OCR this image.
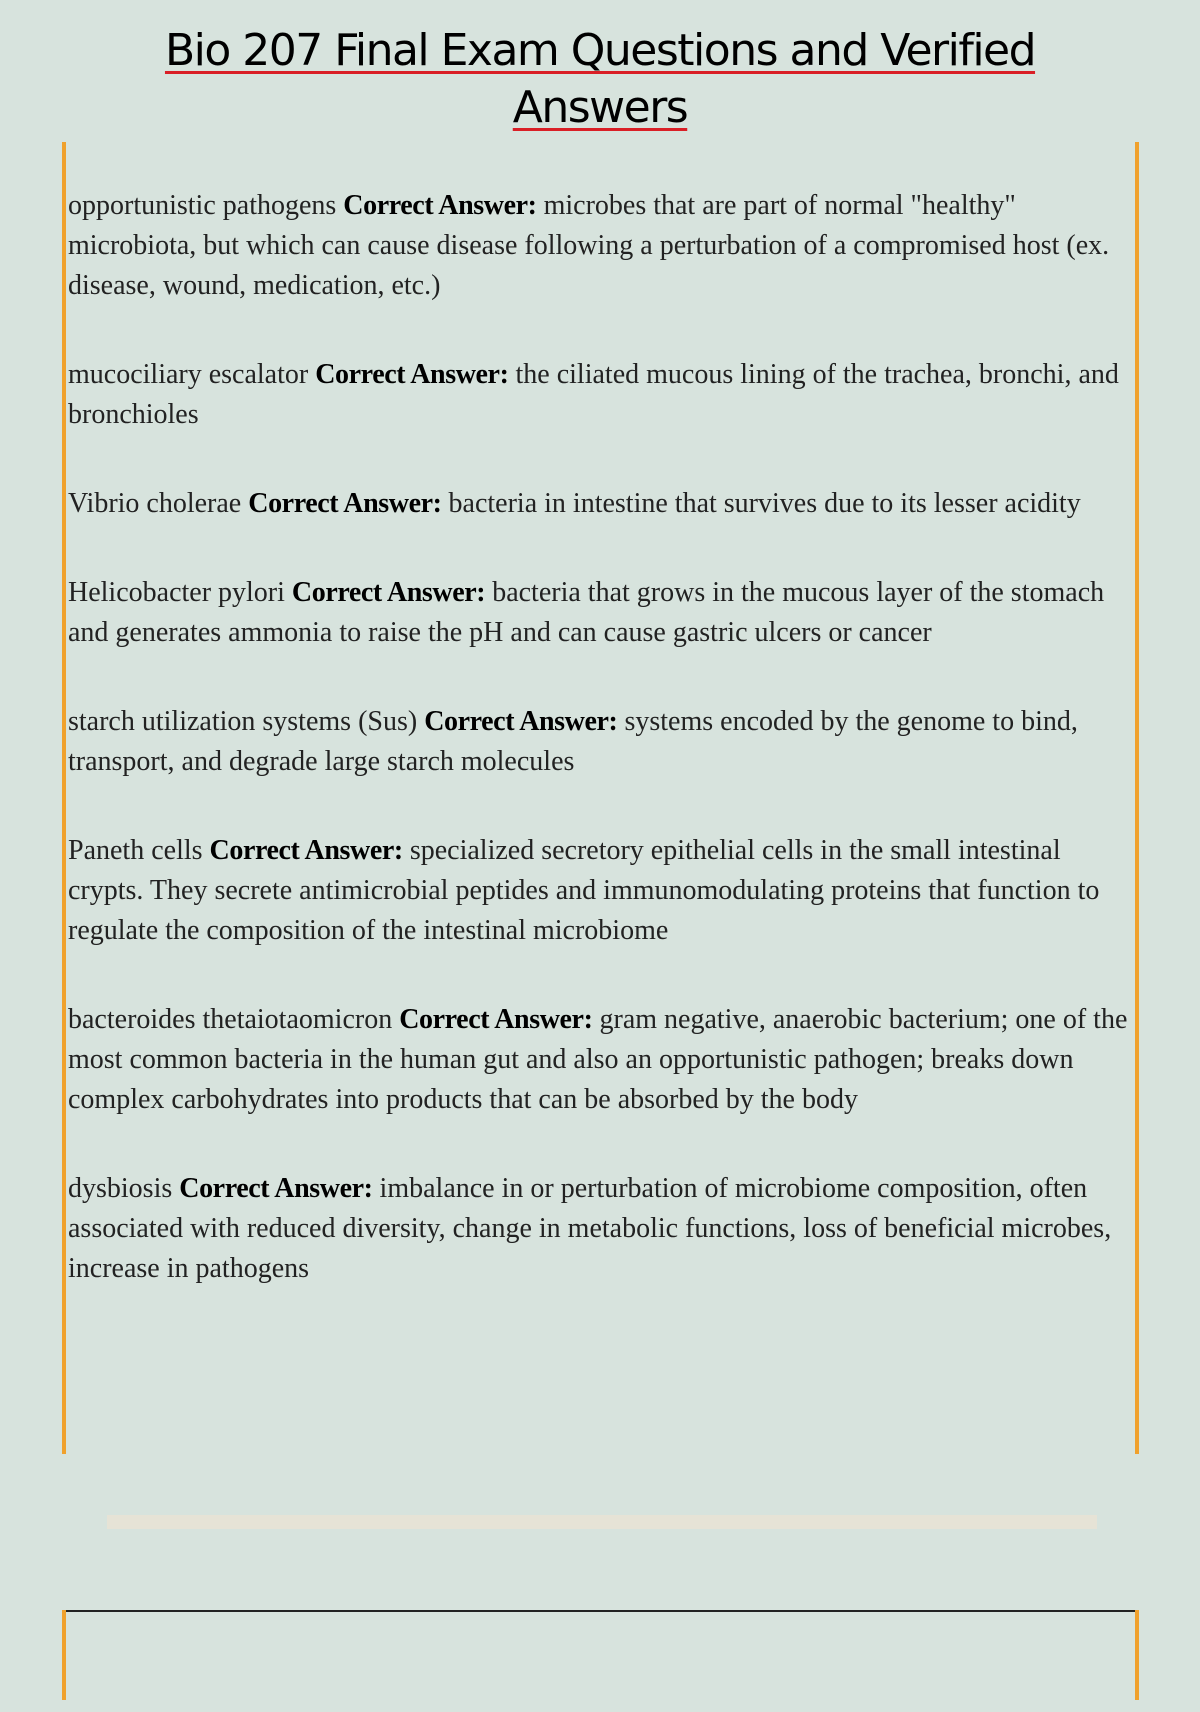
Bio 207 Final Exam Questions and Verified Answers

opportunistic pathogens Correct Answer: microbes that are part of normal "healthy" microbiota, but which can cause disease following a perturbation of a compromised host (ex. disease, wound, medication, etc.)

mucociliary escalator Correct Answer: the ciliated mucous lining of the trachea, bronchi, and bronchioles

Vibrio cholerae Correct Answer: bacteria in intestine that survives due to its lesser acidity

Helicobacter pylori Correct Answer: bacteria that grows in the mucous layer of the stomach and generates ammonia to raise the pH and can cause gastric ulcers or cancer

starch utilization systems (Sus) Correct Answer: systems encoded by the genome to bind, transport, and degrade large starch molecules

Paneth cells Correct Answer: specialized secretory epithelial cells in the small intestinal crypts. They secrete antimicrobial peptides and immunomodulating proteins that function to regulate the composition of the intestinal microbiome

bacteroides thetaiotaomicron Correct Answer: gram negative, anaerobic bacterium; one of the most common bacteria in the human gut and also an opportunistic pathogen; breaks down complex carbohydrates into products that can be absorbed by the body

dysbiosis Correct Answer: imbalance in or perturbation of microbiome composition, often associated with reduced diversity, change in metabolic functions, loss of beneficial microbes, increase in pathogens
